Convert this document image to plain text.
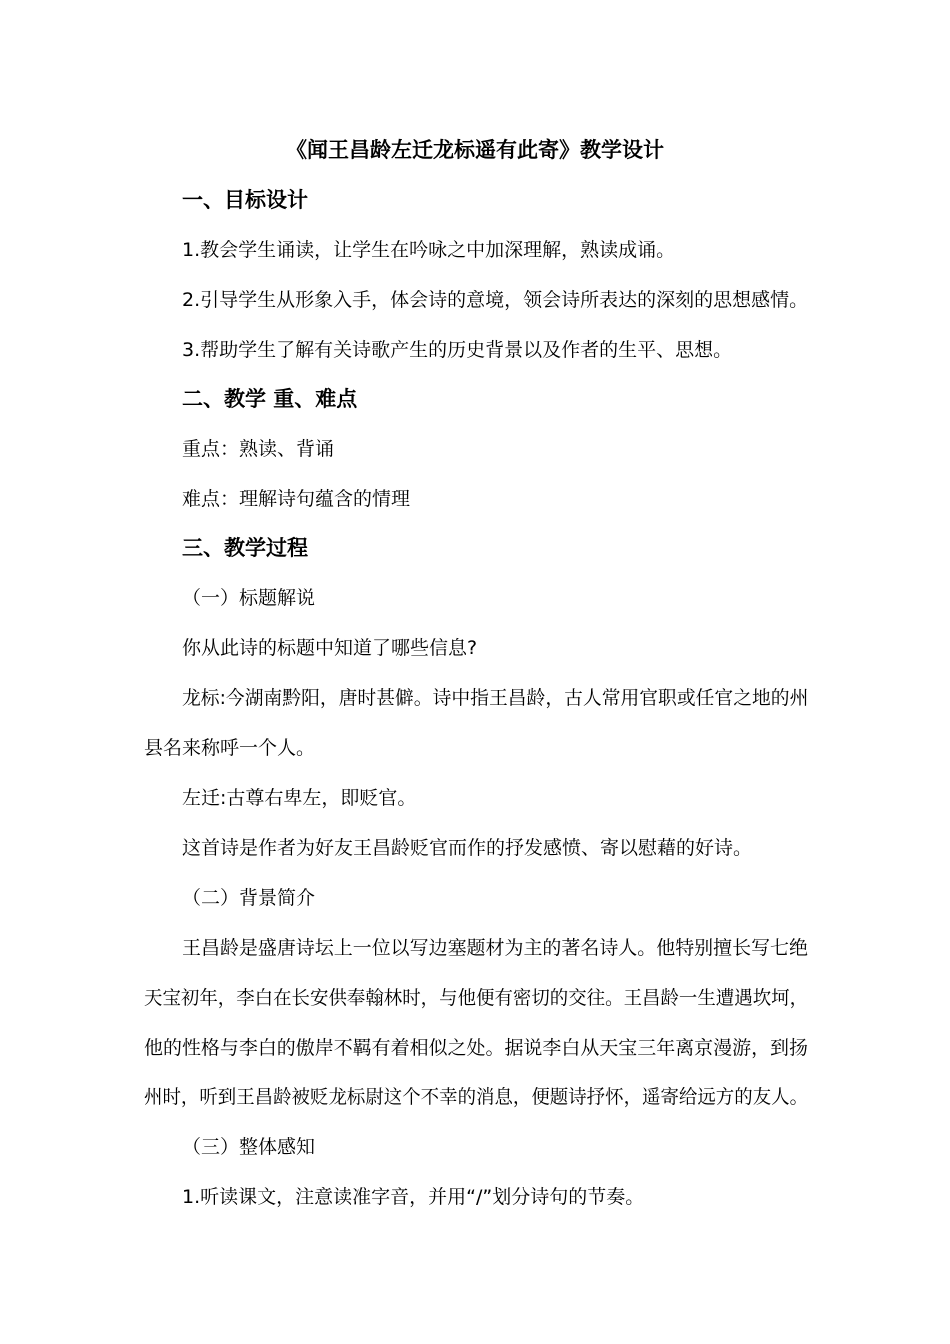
《闻王昌龄左迁龙标遥有此寄》教学设计
一、目标设计
1.教会学生诵读，让学生在吟咏之中加深理解，熟读成诵。
2.引导学生从形象入手，体会诗的意境，领会诗所表达的深刻的思想感情。
3.帮助学生了解有关诗歌产生的历史背景以及作者的生平、思想。
二、教学 重、难点
重点：熟读、背诵
难点：理解诗句蕴含的情理
三、教学过程
（一）标题解说
你从此诗的标题中知道了哪些信息?
龙标:今湖南黔阳，唐时甚僻。诗中指王昌龄，古人常用官职或任官之地的州
县名来称呼一个人。
左迁:古尊右卑左，即贬官。
这首诗是作者为好友王昌龄贬官而作的抒发感愤、寄以慰藉的好诗。
（二）背景简介
王昌龄是盛唐诗坛上一位以写边塞题材为主的著名诗人。他特别擅长写七绝
天宝初年，李白在长安供奉翰林时，与他便有密切的交往。王昌龄一生遭遇坎坷，
他的性格与李白的傲岸不羁有着相似之处。据说李白从天宝三年离京漫游，到扬
州时，听到王昌龄被贬龙标尉这个不幸的消息，便题诗抒怀，遥寄给远方的友人。
（三）整体感知
1.听读课文，注意读准字音，并用“/”划分诗句的节奏。
